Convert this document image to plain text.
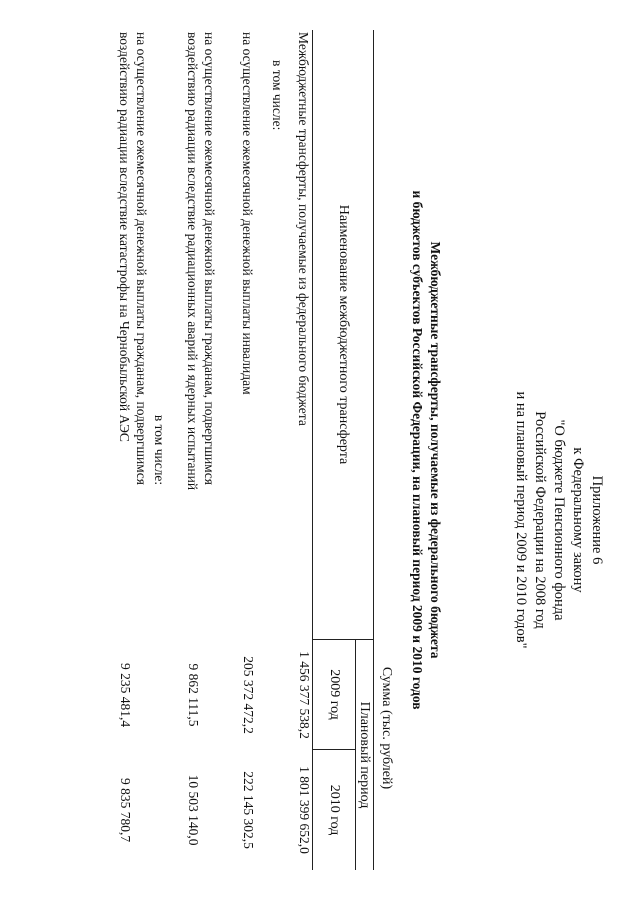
Приложение 6
к Федеральному закону
"О бюджете Пенсионного фонда
Российской Федерации на 2008 год
и на плановый период 2009 и 2010 годов"
Межбюджетные трансферты, получаемые из федерального бюджета
и бюджетов субъектов Российской Федерации, на плановый период 2009 и 2010 годов
Сумма (тыс. рублей)
Наименование межбюджетного трансферта
Плановый период
2009 год
2010 год
Межбюджетные трансферты, получаемые из федерального бюджета
1 456 377 538,2
1 801 399 652,0
в том числе:
на осуществление ежемесячной денежной выплаты инвалидам
205 372 472,2
222 145 302,5
на осуществление ежемесячной денежной выплаты гражданам, подвергшимся
воздействию радиации вследствие радиационных аварий и ядерных испытаний
9 862 111,5
10 503 140,0
в том числе:
на осуществление ежемесячной денежной выплаты гражданам, подвергшимся
воздействию радиации вследствие катастрофы на Чернобыльской АЭС
9 235 481,4
9 835 780,7
